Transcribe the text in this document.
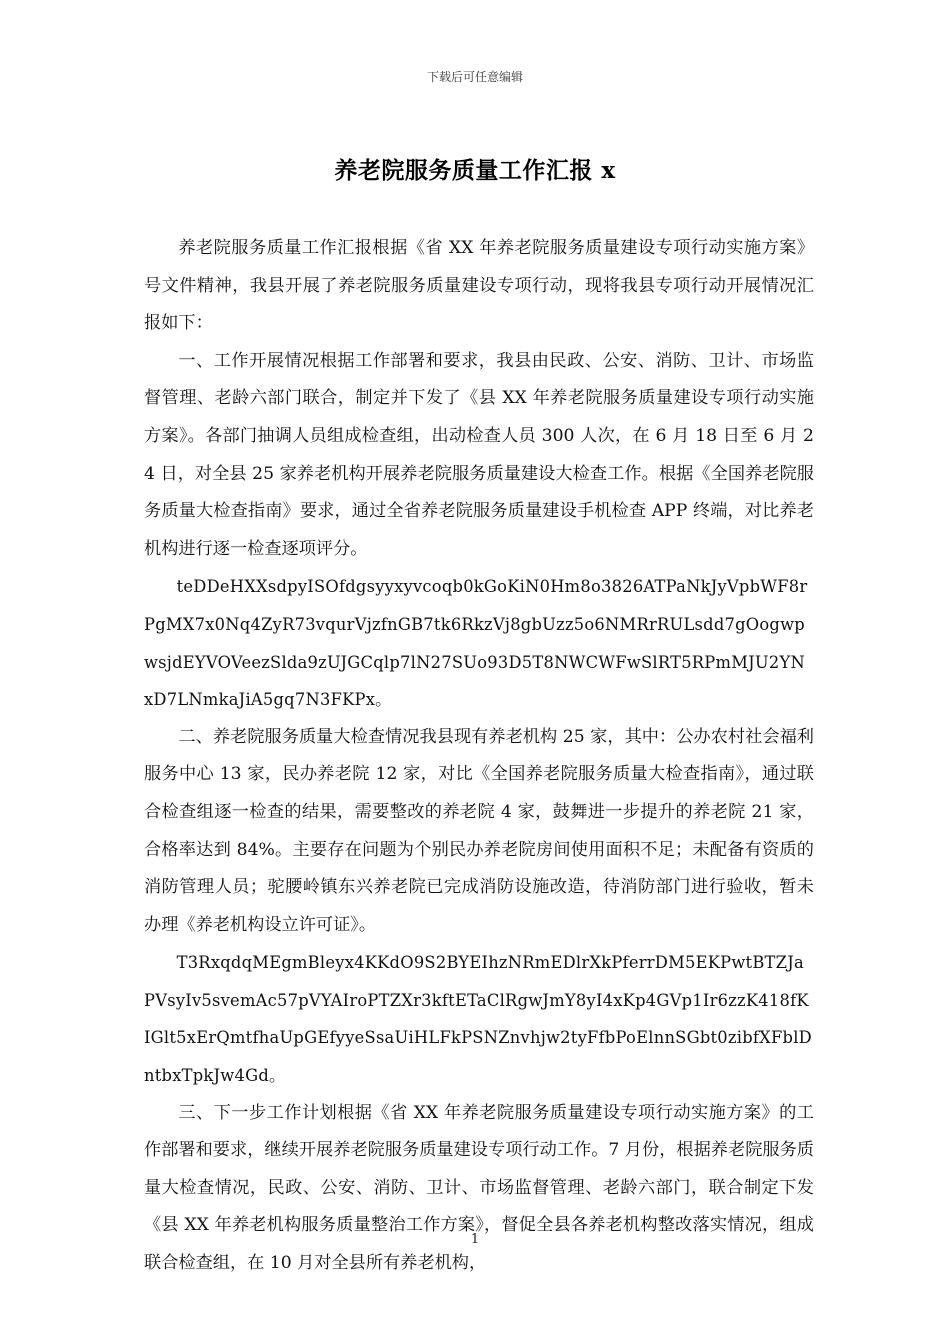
下载后可任意编辑
养老院服务质量工作汇报 x

养老院服务质量工作汇报根据《省 XX 年养老院服务质量建设专项行动实施方案》号文件精神，我县开展了养老院服务质量建设专项行动，现将我县专项行动开展情况汇报如下：

一、工作开展情况根据工作部署和要求，我县由民政、公安、消防、卫计、市场监督管理、老龄六部门联合，制定并下发了《县 XX 年养老院服务质量建设专项行动实施方案》。各部门抽调人员组成检查组，出动检查人员 300 人次，在 6 月 18 日至 6 月 24 日，对全县 25 家养老机构开展养老院服务质量建设大检查工作。根据《全国养老院服务质量大检查指南》要求，通过全省养老院服务质量建设手机检查 APP 终端，对比养老机构进行逐一检查逐项评分。

teDDeHXXsdpyISOfdgsyyxyvcoqb0kGoKiN0Hm8o3826ATPaNkJyVpbWF8rPgMX7x0Nq4ZyR73vqurVjzfnGB7tk6RkzVj8gbUzz5o6NMRrRULsdd7gOogwpwsjdEYVOVeezSlda9zUJGCqlp7lN27SUo93D5T8NWCWFwSlRT5RPmMJU2YNxD7LNmkaJiA5gq7N3FKPx。

二、养老院服务质量大检查情况我县现有养老机构 25 家，其中：公办农村社会福利服务中心 13 家，民办养老院 12 家，对比《全国养老院服务质量大检查指南》，通过联合检查组逐一检查的结果，需要整改的养老院 4 家，鼓舞进一步提升的养老院 21 家，合格率达到 84%。主要存在问题为个别民办养老院房间使用面积不足；未配备有资质的消防管理人员；驼腰岭镇东兴养老院已完成消防设施改造，待消防部门进行验收，暂未办理《养老机构设立许可证》。

T3RxqdqMEgmBleyx4KKdO9S2BYEIhzNRmEDlrXkPferrDM5EKPwtBTZJaPVsyIv5svemAc57pVYAIroPTZXr3kftETaClRgwJmY8yI4xKp4GVp1Ir6zzK418fKIGlt5xErQmtfhaUpGEfyyeSsaUiHLFkPSNZnvhjw2tyFfbPoElnnSGbt0zibfXFblDntbxTpkJw4Gd。

三、下一步工作计划根据《省 XX 年养老院服务质量建设专项行动实施方案》的工作部署和要求，继续开展养老院服务质量建设专项行动工作。7 月份，根据养老院服务质量大检查情况，民政、公安、消防、卫计、市场监督管理、老龄六部门，联合制定下发《县 XX 年养老机构服务质量整治工作方案》，督促全县各养老机构整改落实情况，组成联合检查组，在 10 月对全县所有养老机构，

1
